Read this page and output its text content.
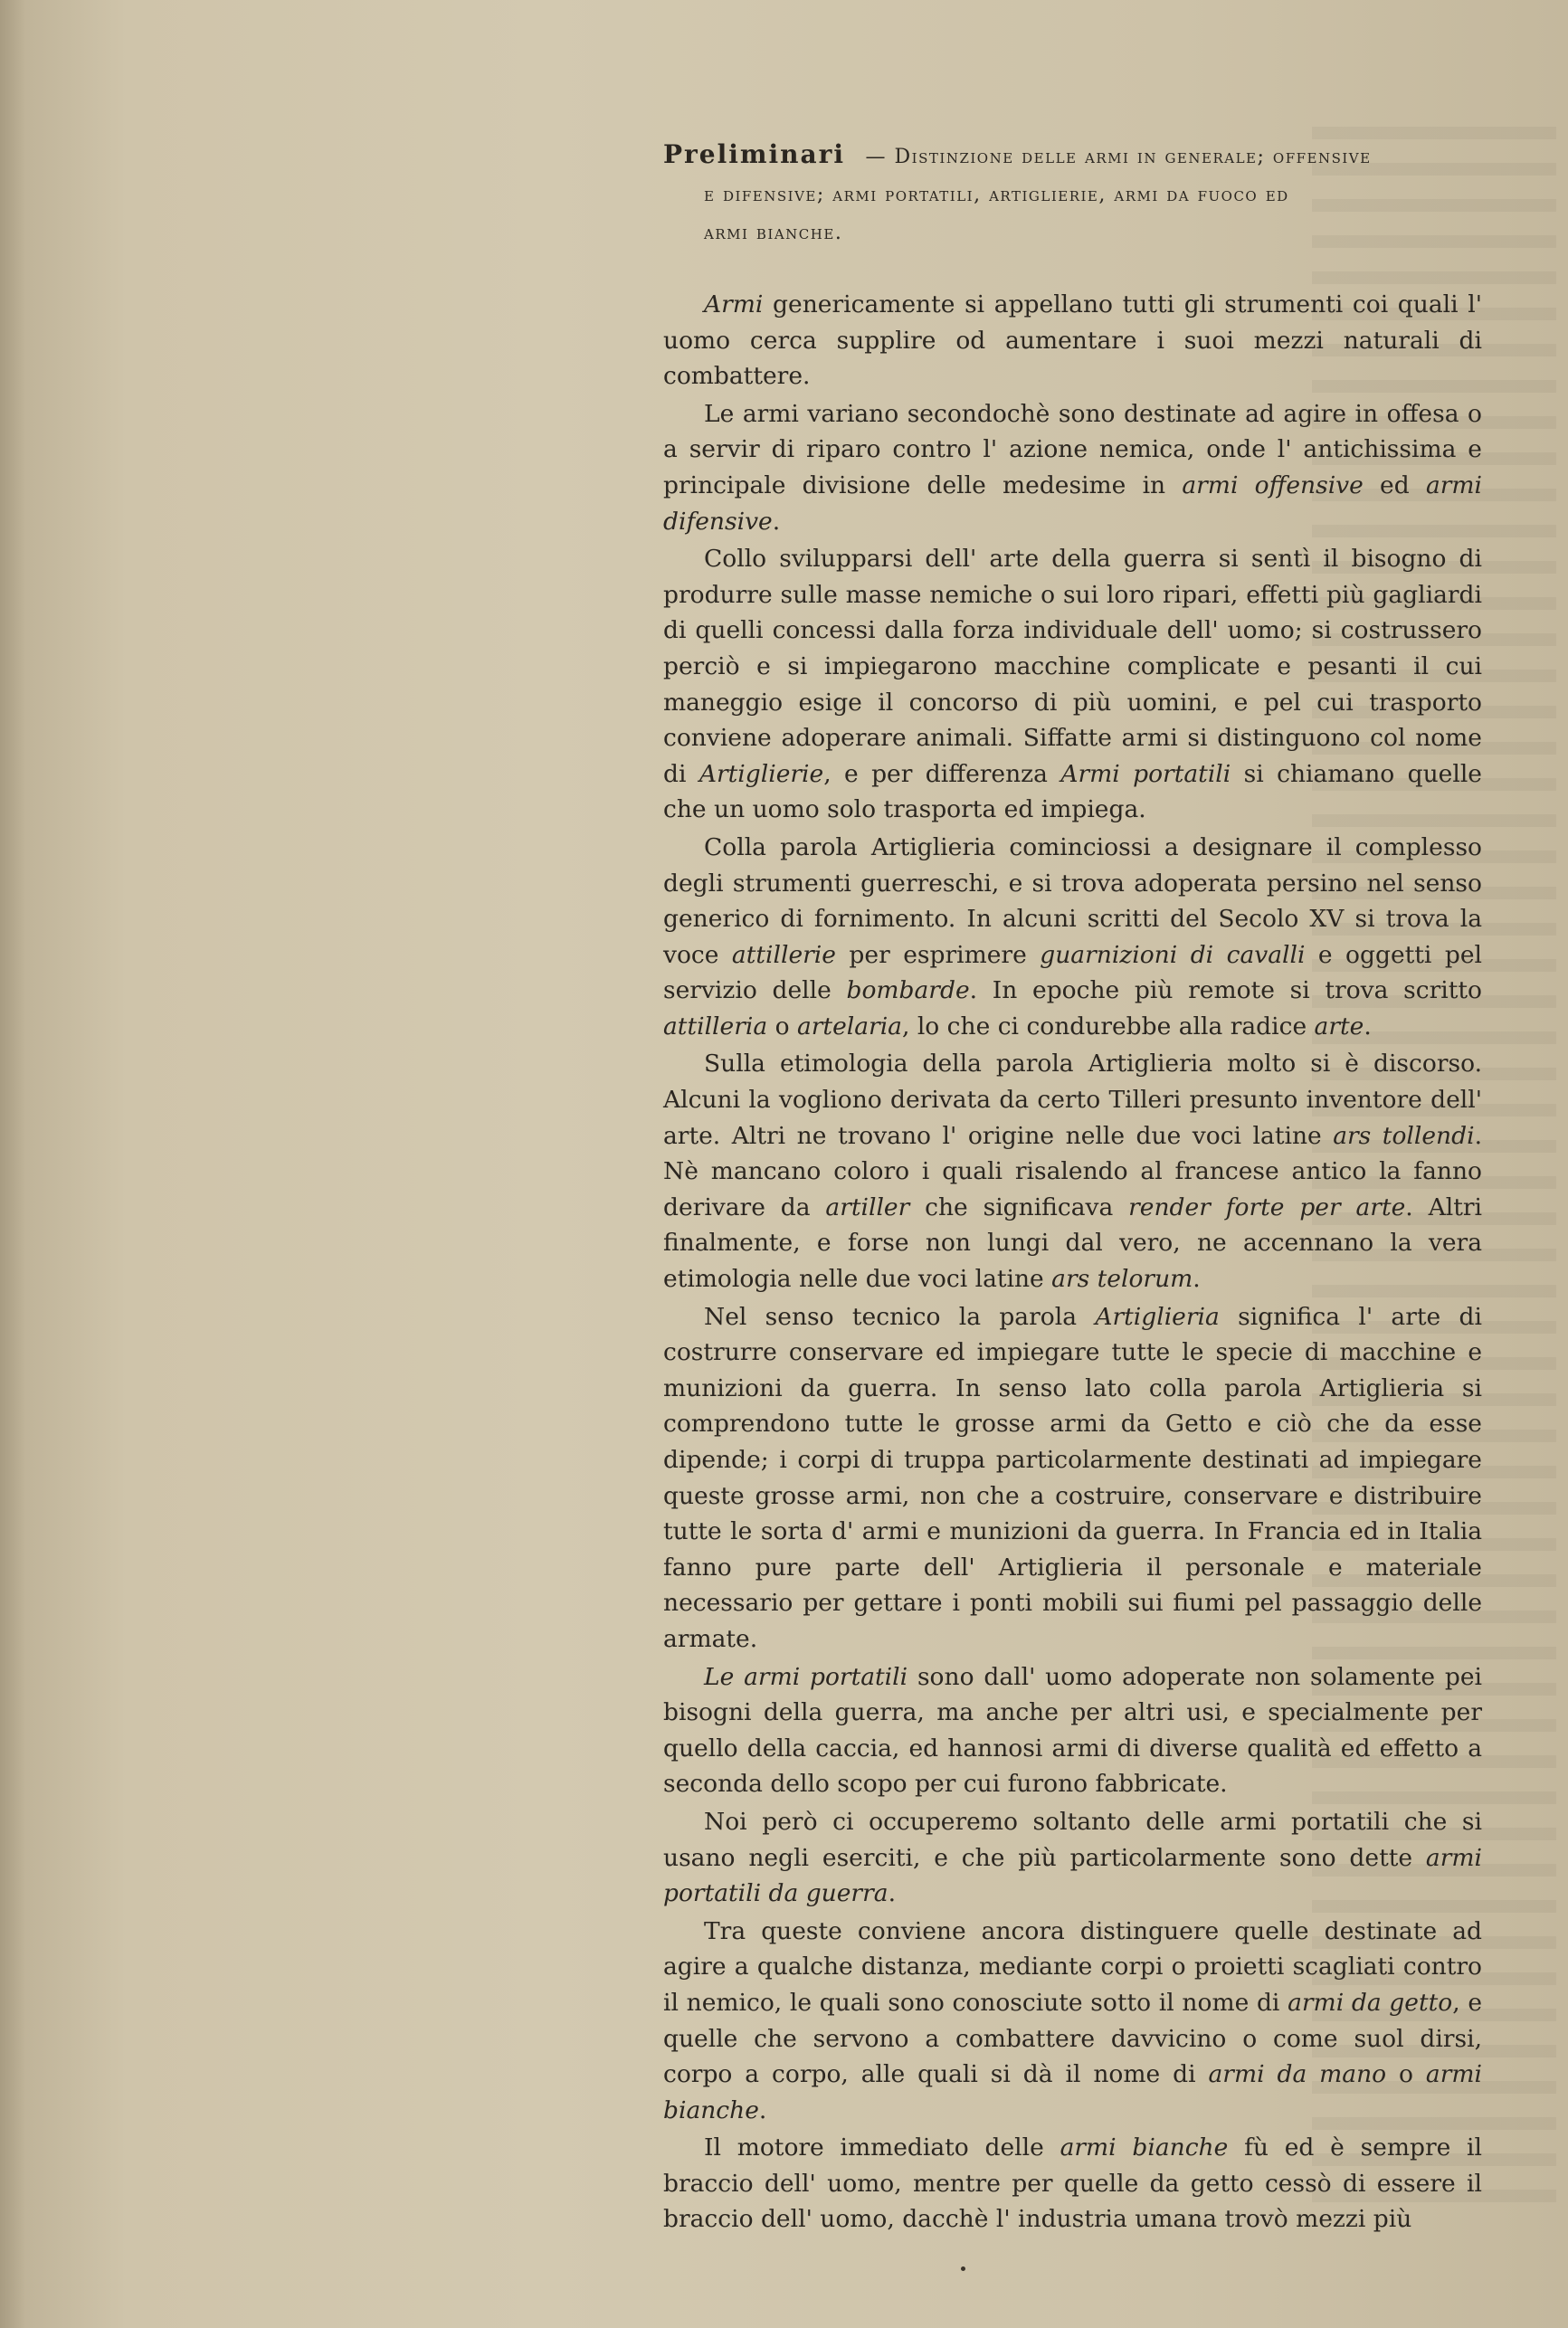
Preliminari — Distinzione delle armi in generale; offensive
e difensive; armi portatili, artiglierie, armi da fuoco ed
armi bianche.

Armi genericamente si appellano tutti gli strumenti coi quali l' uomo cerca supplire od aumentare i suoi mezzi naturali di combattere.

Le armi variano secondochè sono destinate ad agire in offesa o a servir di riparo contro l' azione nemica, onde l' antichissima e principale divisione delle medesime in armi offensive ed armi difensive.

Collo svilupparsi dell' arte della guerra si sentì il bisogno di produrre sulle masse nemiche o sui loro ripari, effetti più gagliardi di quelli concessi dalla forza individuale dell' uomo; si costrussero perciò e si impiegarono macchine complicate e pesanti il cui maneggio esige il concorso di più uomini, e pel cui trasporto conviene adoperare animali. Siffatte armi si distinguono col nome di Artiglierie, e per differenza Armi portatili si chiamano quelle che un uomo solo trasporta ed impiega.

Colla parola Artiglieria cominciossi a designare il complesso degli strumenti guerreschi, e si trova adoperata persino nel senso generico di fornimento. In alcuni scritti del Secolo XV si trova la voce attillerie per esprimere guarnizioni di cavalli e oggetti pel servizio delle bombarde. In epoche più remote si trova scritto attilleria o artelaria, lo che ci condurebbe alla radice arte.

Sulla etimologia della parola Artiglieria molto si è discorso. Alcuni la vogliono derivata da certo Tilleri presunto inventore dell' arte. Altri ne trovano l' origine nelle due voci latine ars tollendi. Nè mancano coloro i quali risalendo al francese antico la fanno derivare da artiller che significava render forte per arte. Altri finalmente, e forse non lungi dal vero, ne accennano la vera etimologia nelle due voci latine ars telorum.

Nel senso tecnico la parola Artiglieria significa l' arte di costrurre conservare ed impiegare tutte le specie di macchine e munizioni da guerra. In senso lato colla parola Artiglieria si comprendono tutte le grosse armi da Getto e ciò che da esse dipende; i corpi di truppa particolarmente destinati ad impiegare queste grosse armi, non che a costruire, conservare e distribuire tutte le sorta d' armi e munizioni da guerra. In Francia ed in Italia fanno pure parte dell' Artiglieria il personale e materiale necessario per gettare i ponti mobili sui fiumi pel passaggio delle armate.

Le armi portatili sono dall' uomo adoperate non solamente pei bisogni della guerra, ma anche per altri usi, e specialmente per quello della caccia, ed hannosi armi di diverse qualità ed effetto a seconda dello scopo per cui furono fabbricate.

Noi però ci occuperemo soltanto delle armi portatili che si usano negli eserciti, e che più particolarmente sono dette armi portatili da guerra.

Tra queste conviene ancora distinguere quelle destinate ad agire a qualche distanza, mediante corpi o proietti scagliati contro il nemico, le quali sono conosciute sotto il nome di armi da getto, e quelle che servono a combattere davvicino o come suol dirsi, corpo a corpo, alle quali si dà il nome di armi da mano o armi bianche.

Il motore immediato delle armi bianche fù ed è sempre il braccio dell' uomo, mentre per quelle da getto cessò di essere il braccio dell' uomo, dacchè l' industria umana trovò mezzi più
